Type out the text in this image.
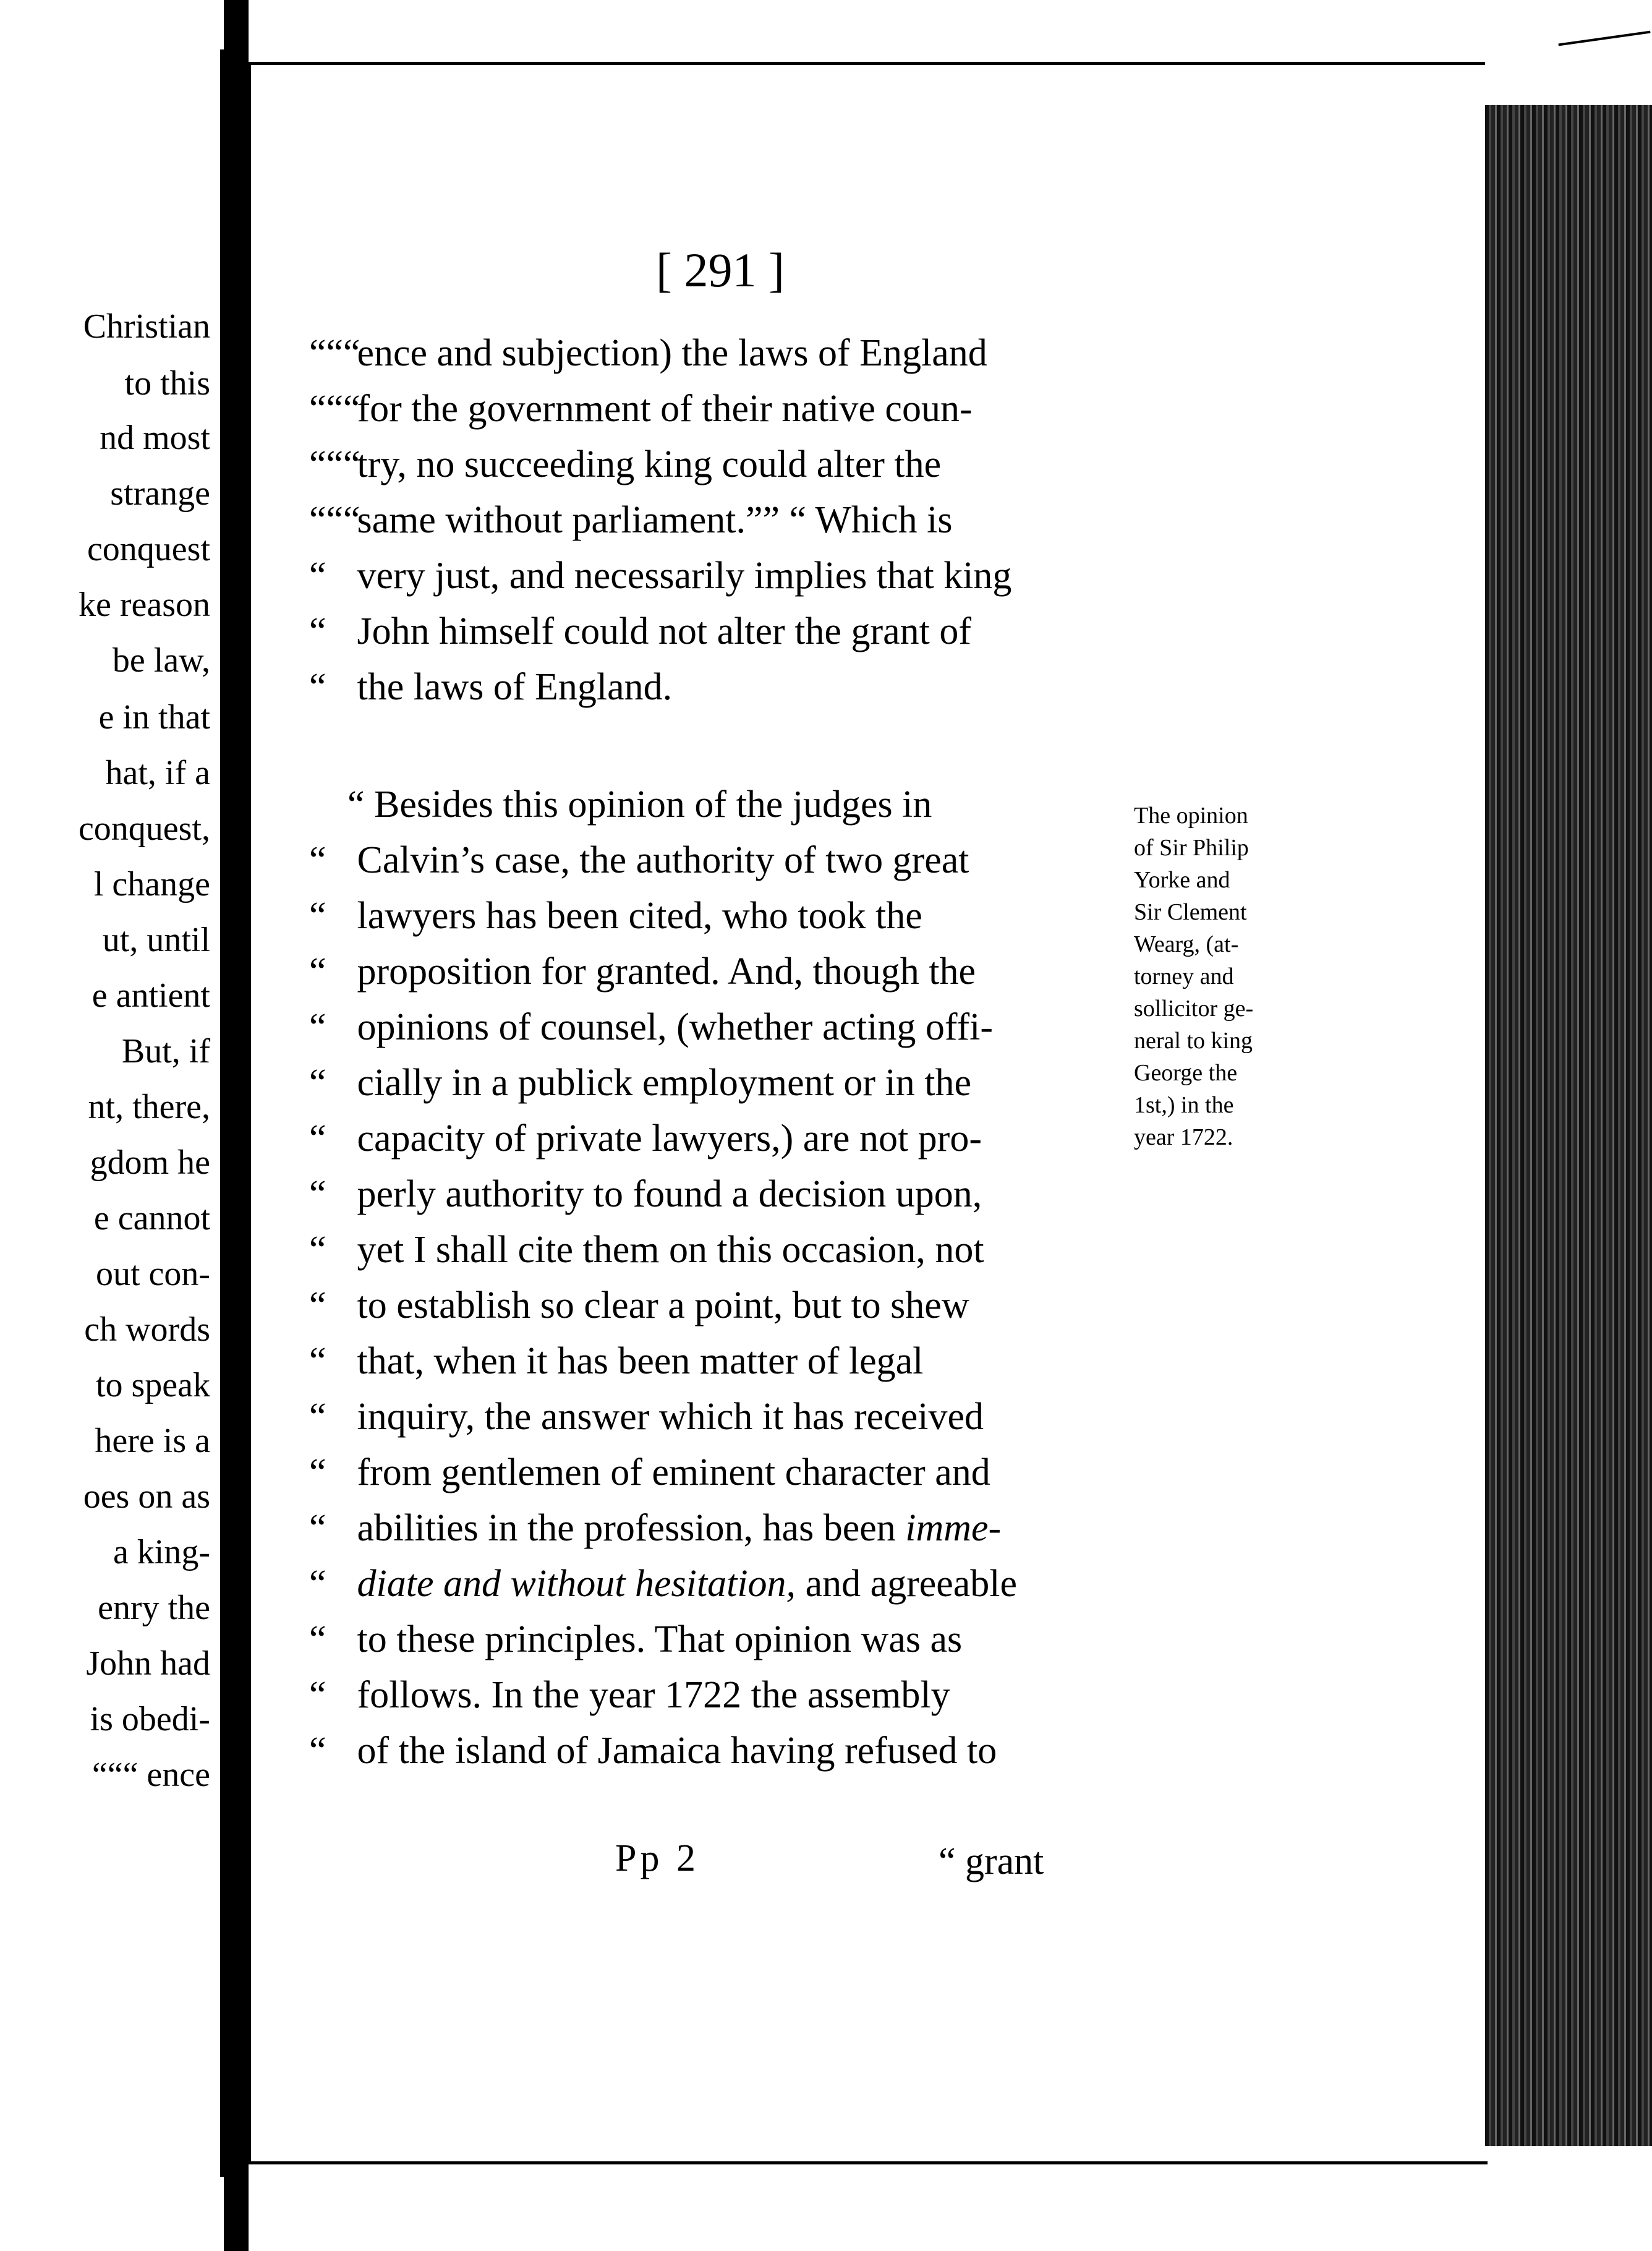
Christian
to this
nd most
strange
conquest
ke reason
be law,
e in that
hat, if a
conquest,
l change
ut, until
e antient
But, if
nt, there,
gdom he
e cannot
out con-
ch words
to speak
here is a
oes on as
a king-
enry the
John had
is obedi-
“““ ence
[ 291 ]
“““ ence and subjection) the laws of England
“““ for the government of their native coun-
“““ try, no succeeding king could alter the
“““ same without parliament.”” “ Which is
“ very just, and necessarily implies that king
“ John himself could not alter the grant of
“ the laws of England.
“ Besides this opinion of the judges in
“ Calvin’s case, the authority of two great
“ lawyers has been cited, who took the
“ proposition for granted. And, though the
“ opinions of counsel, (whether acting offi-
“ cially in a publick employment or in the
“ capacity of private lawyers,) are not pro-
“ perly authority to found a decision upon,
“ yet I shall cite them on this occasion, not
“ to establish so clear a point, but to shew
“ that, when it has been matter of legal
“ inquiry, the answer which it has received
“ from gentlemen of eminent character and
“ abilities in the profession, has been imme-
“ diate and without hesitation, and agreeable
“ to these principles. That opinion was as
“ follows. In the year 1722 the assembly
“ of the island of Jamaica having refused to
The opinion
of Sir Philip
Yorke and
Sir Clement
Wearg, (at-
torney and
sollicitor ge-
neral to king
George the
1st,) in the
year 1722.
Pp 2	“ grant
